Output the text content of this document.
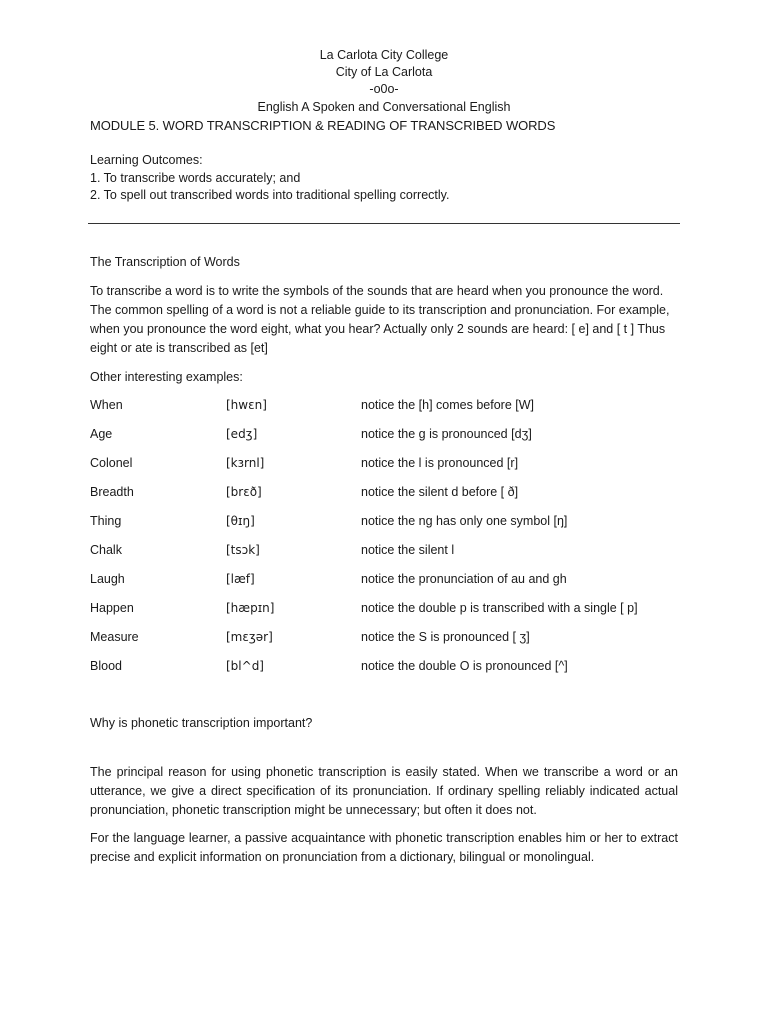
La Carlota City College
City of La Carlota
-o0o-
English A Spoken and Conversational English
MODULE 5. WORD TRANSCRIPTION & READING OF TRANSCRIBED WORDS
Learning Outcomes:
1. To transcribe words accurately; and
2. To spell out transcribed words into traditional spelling correctly.
The Transcription of Words
To transcribe a word is to write the symbols of the sounds that are heard when you pronounce the word. The common spelling of a word is not a reliable guide to its transcription and pronunciation. For example, when you pronounce the word eight, what you hear? Actually only 2 sounds are heard: [ e] and [ t ] Thus eight or ate is transcribed as [et]
Other interesting examples:
When	[hwɛn]	notice the [h] comes before [W]
Age	[edʒ]	notice the g is pronounced [dʒ]
Colonel	[kɜrnl]	notice the l is pronounced [r]
Breadth	[brɛð]	notice the silent d before [ ð]
Thing	[θɪŋ]	notice the ng has only one symbol [ŋ]
Chalk	[tsɔk]	notice the silent l
Laugh	[læf]	notice the pronunciation of au and gh
Happen	[hæpɪn]	notice the double p is transcribed with a single [ p]
Measure	[mɛʒər]	notice the S is pronounced [ ʒ]
Blood	[bl^d]	notice the double O is pronounced [^]
Why is phonetic transcription important?
The principal reason for using phonetic transcription is easily stated. When we transcribe a word or an utterance, we give a direct specification of its pronunciation. If ordinary spelling reliably indicated actual pronunciation, phonetic transcription might be unnecessary; but often it does not.
For the language learner, a passive acquaintance with phonetic transcription enables him or her to extract precise and explicit information on pronunciation from a dictionary, bilingual or monolingual.
